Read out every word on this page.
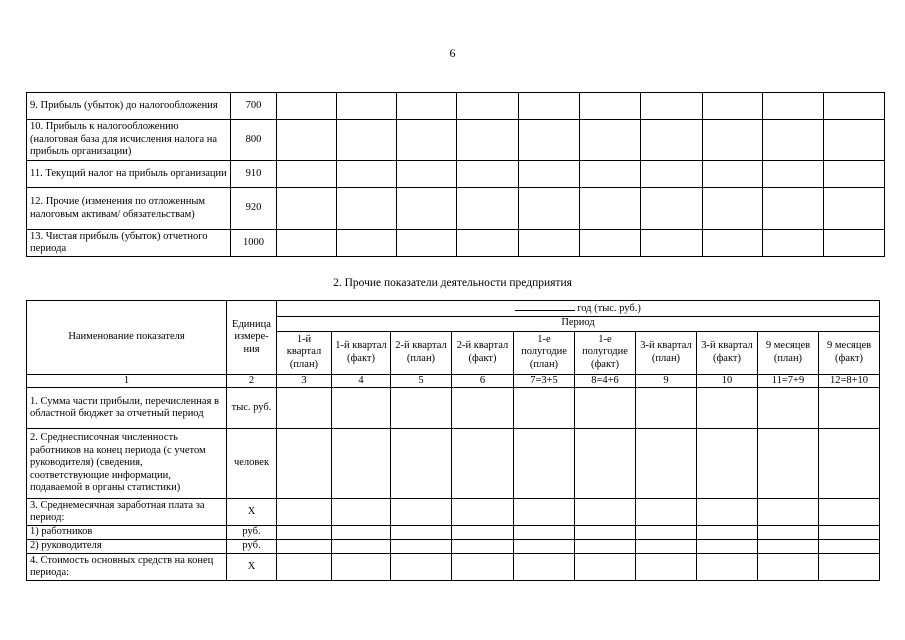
6
9. Прибыль (убыток) до налогообложения	700										
10. Прибыль к налогообложению (налоговая база для исчисления налога на прибыль организации)	800										
11. Текущий налог на прибыль организации	910										
12. Прочие (изменения по отложенным налоговым активам/ обязательствам)	920										
13. Чистая прибыль (убыток) отчетного периода	1000										
2. Прочие показатели деятельности предприятия
Наименование показателя	Единица измере-ния	год (тыс. руб.)									
		Период									
		1-й квартал (план)	1-й квартал (факт)	2-й квартал (план)	2-й квартал (факт)	1-е полугодие (план)	1-е полугодие (факт)	3-й квартал (план)	3-й квартал (факт)	9 месяцев (план)	9 месяцев (факт)
1	2	3	4	5	6	7=3+5	8=4+6	9	10	11=7+9	12=8+10
1. Сумма части прибыли, перечисленная в областной бюджет за отчетный период	тыс. руб.										
2. Среднесписочная численность работников на конец периода (с учетом руководителя) (сведения, соответствующие информации, подаваемой в органы статистики)	человек										
3. Среднемесячная заработная плата за период:	Х										
1) работников	руб.										
2) руководителя	руб.										
4. Стоимость основных средств на конец периода:	Х										
